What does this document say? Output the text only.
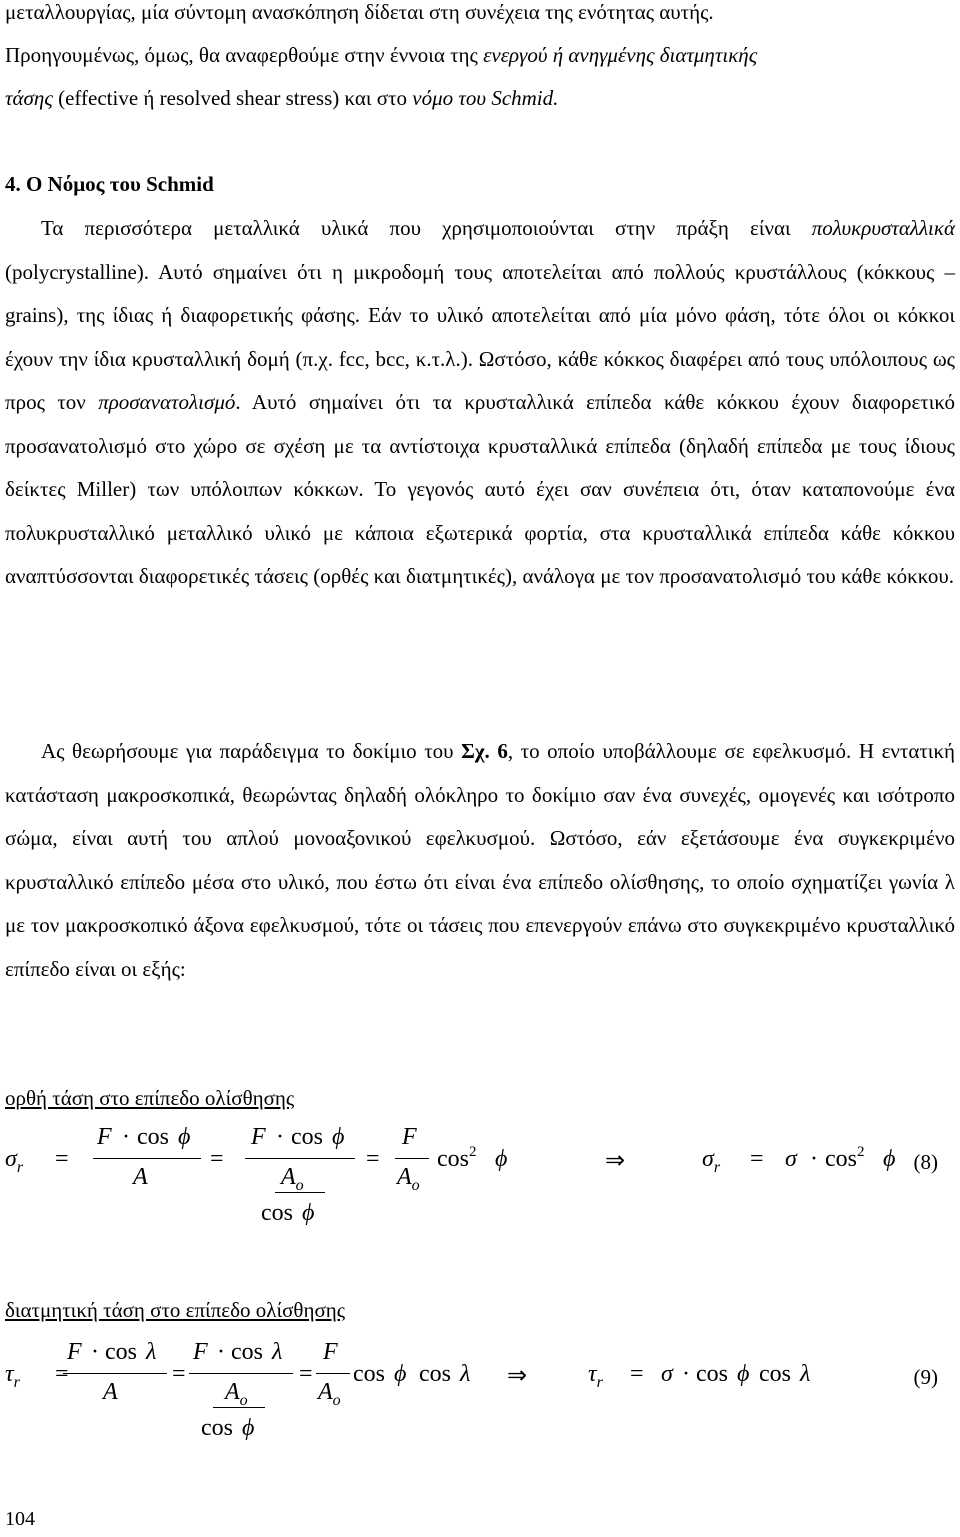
μεταλλουργίας, μία σύντομη ανασκόπηση δίδεται στη συνέχεια της ενότητας αυτής.

Προηγουμένως, όμως, θα αναφερθούμε στην έννοια της ενεργού ή ανηγμένης διατμητικής

τάσης (effective ή resolved shear stress) και στο νόμο του Schmid.

4. Ο Νόμος του Schmid

Τα περισσότερα μεταλλικά υλικά που χρησιμοποιούνται στην πράξη είναι πολυκρυσταλλικά (polycrystalline). Αυτό σημαίνει ότι η μικροδομή τους αποτελείται από πολλούς κρυστάλλους (κόκκους – grains), της ίδιας ή διαφορετικής φάσης. Εάν το υλικό αποτελείται από μία μόνο φάση, τότε όλοι οι κόκκοι έχουν την ίδια κρυσταλλική δομή (π.χ. fcc, bcc, κ.τ.λ.). Ωστόσο, κάθε κόκκος διαφέρει από τους υπόλοιπους ως προς τον προσανατολισμό. Αυτό σημαίνει ότι τα κρυσταλλικά επίπεδα κάθε κόκκου έχουν διαφορετικό προσανατολισμό στο χώρο σε σχέση με τα αντίστοιχα κρυσταλλικά επίπεδα (δηλαδή επίπεδα με τους ίδιους δείκτες Miller) των υπόλοιπων κόκκων. Το γεγονός αυτό έχει σαν συνέπεια ότι, όταν καταπονούμε ένα πολυκρυσταλλικό μεταλλικό υλικό με κάποια εξωτερικά φορτία, στα κρυσταλλικά επίπεδα κάθε κόκκου αναπτύσσονται διαφορετικές τάσεις (ορθές και διατμητικές), ανάλογα με τον προσανατολισμό του κάθε κόκκου.

Ας θεωρήσουμε για παράδειγμα το δοκίμιο του Σχ. 6, το οποίο υποβάλλουμε σε εφελκυσμό. Η εντατική κατάσταση μακροσκοπικά, θεωρώντας δηλαδή ολόκληρο το δοκίμιο σαν ένα συνεχές, ομογενές και ισότροπο σώμα, είναι αυτή του απλού μονοαξονικού εφελκυσμού. Ωστόσο, εάν εξετάσουμε ένα συγκεκριμένο κρυσταλλικό επίπεδο μέσα στο υλικό, που έστω ότι είναι ένα επίπεδο ολίσθησης, το οποίο σχηματίζει γωνία λ με τον μακροσκοπικό άξονα εφελκυσμού, τότε οι τάσεις που επενεργούν επάνω στο συγκεκριμένο κρυσταλλικό επίπεδο είναι οι εξής:

ορθή τάση στο επίπεδο ολίσθησης

$\sigma_r$ =
F · cos ϕ
A
=
F · cos ϕ
$A_o$
cos ϕ
=
F
$A_o$
$\cos^2 \phi$	⇒	$\sigma_r = \sigma \cdot \cos^2 \phi$ (8)

διατμητική τάση στο επίπεδο ολίσθησης

$\tau_r$ =
F · cos λ
A
=
F · cos λ
$A_o$
cos ϕ
=
F
$A_o$
cos ϕ cos λ ⇒	$\tau_r = \sigma \cdot \cos \phi$ cos λ	(9)
104
